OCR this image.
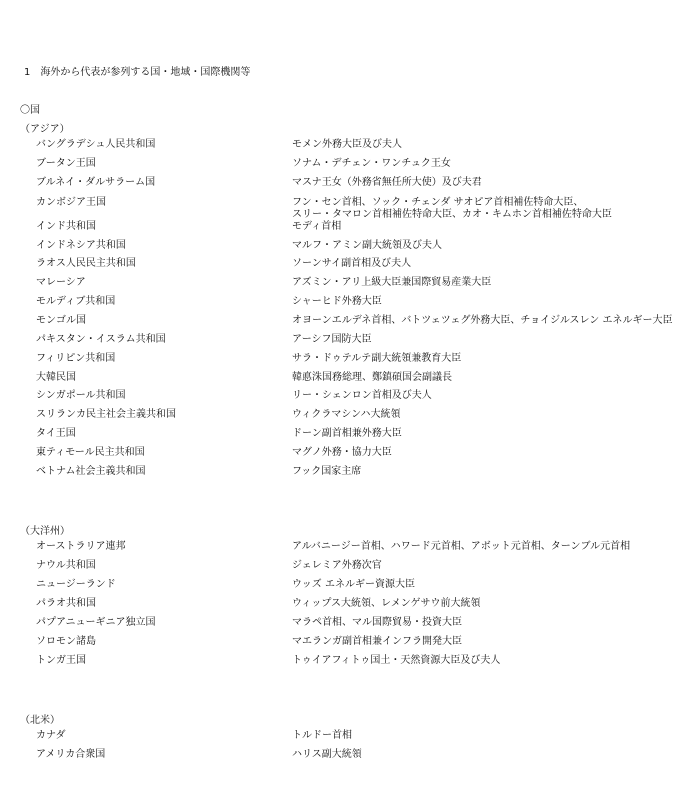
1　海外から代表が参列する国・地域・国際機関等
〇国
（アジア）
バングラデシュ人民共和国	モメン外務大臣及び夫人
ブータン王国	ソナム・デチェン・ワンチュク王女
ブルネイ・ダルサラーム国	マスナ王女（外務省無任所大使）及び夫君
カンボジア王国	フン・セン首相、ソック・チェンダ サオピア首相補佐特命大臣、
スリー・タマロン首相補佐特命大臣、カオ・キムホン首相補佐特命大臣
インド共和国	モディ首相
インドネシア共和国	マルフ・アミン副大統領及び夫人
ラオス人民民主共和国	ソーンサイ副首相及び夫人
マレーシア	アズミン・アリ上級大臣兼国際貿易産業大臣
モルディブ共和国	シャーヒド外務大臣
モンゴル国	オヨーンエルデネ首相、バトツェツェグ外務大臣、チョイジルスレン エネルギー大臣
パキスタン・イスラム共和国	アーシフ国防大臣
フィリピン共和国	サラ・ドゥテルテ副大統領兼教育大臣
大韓民国	韓悳洙国務総理、鄭鎮碩国会副議長
シンガポール共和国	リー・シェンロン首相及び夫人
スリランカ民主社会主義共和国	ウィクラマシンハ大統領
タイ王国	ドーン副首相兼外務大臣
東ティモール民主共和国	マグノ外務・協力大臣
ベトナム社会主義共和国	フック国家主席
（大洋州）
オーストラリア連邦	アルバニージー首相、ハワード元首相、アボット元首相、ターンブル元首相
ナウル共和国	ジェレミア外務次官
ニュージーランド	ウッズ エネルギー資源大臣
パラオ共和国	ウィップス大統領、レメンゲサウ前大統領
パプアニューギニア独立国	マラペ首相、マル国際貿易・投資大臣
ソロモン諸島	マエランガ副首相兼インフラ開発大臣
トンガ王国	トゥイアフィトゥ国土・天然資源大臣及び夫人
（北米）
カナダ	トルドー首相
アメリカ合衆国	ハリス副大統領
